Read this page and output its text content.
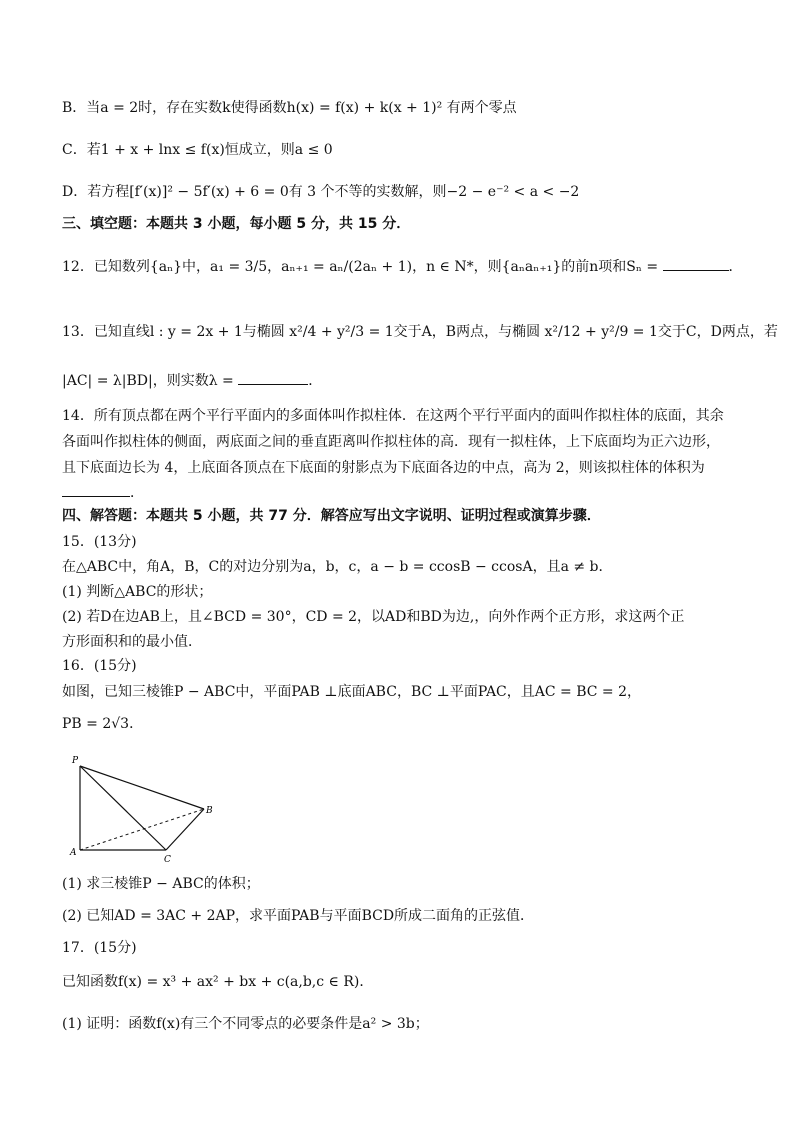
B．当a = 2时，存在实数k使得函数h(x) = f(x) + k(x + 1)² 有两个零点
C．若1 + x + lnx ≤ f(x)恒成立，则a ≤ 0
D．若方程[f′(x)]² − 5f′(x) + 6 = 0有 3 个不等的实数解，则−2 − e⁻² < a < −2
三、填空题：本题共 3 小题，每小题 5 分，共 15 分．
12．已知数列{aₙ}中，a₁ = 3/5，aₙ₊₁ = aₙ/(2aₙ + 1)，n ∈ N*，则{aₙaₙ₊₁}的前n项和Sₙ =	．
13．已知直线l : y = 2x + 1与椭圆 x²/4 + y²/3 = 1交于A，B两点，与椭圆 x²/12 + y²/9 = 1交于C，D两点，若
|AC| = λ|BD|，则实数λ =	．
14．所有顶点都在两个平行平面内的多面体叫作拟柱体．在这两个平行平面内的面叫作拟柱体的底面，其余
各面叫作拟柱体的侧面，两底面之间的垂直距离叫作拟柱体的高．现有一拟柱体，上下底面均为正六边形，
且下底面边长为 4，上底面各顶点在下底面的射影点为下底面各边的中点，高为 2，则该拟柱体的体积为
．
四、解答题：本题共 5 小题，共 77 分．解答应写出文字说明、证明过程或演算步骤．
15．(13分)
在△ABC中，角A，B，C的对边分别为a，b，c，a − b = ccosB − ccosA，且a ≠ b．
(1) 判断△ABC的形状；
(2) 若D在边AB上，且∠BCD = 30°，CD = 2，以AD和BD为边,，向外作两个正方形，求这两个正
方形面积和的最小值．
16．(15分)
如图，已知三棱锥P − ABC中，平面PAB ⊥底面ABC，BC ⊥平面PAC，且AC = BC = 2，
PB = 2√3．
P
A
B
C
(1) 求三棱锥P − ABC的体积；
(2) 已知AD = 3AC + 2AP，求平面PAB与平面BCD所成二面角的正弦值．
17．(15分)
已知函数f(x) = x³ + ax² + bx + c(a,b,c ∈ R)．
(1) 证明：函数f(x)有三个不同零点的必要条件是a² > 3b；
